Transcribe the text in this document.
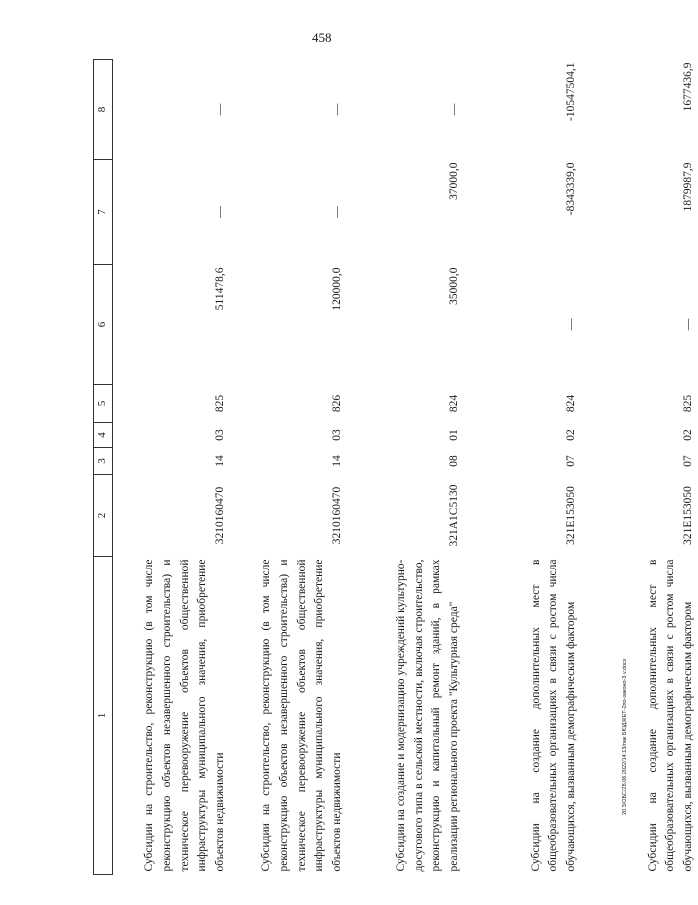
458
20.3/ОБС/28.06.2022/14:13/пак БЮДЖЕТ-2по-законо-3 v.docx
1	2	3	4	5	6	7	8
Субсидии на строительство, реконструкцию (в том числе реконструкцию объектов незавершенного строительства) и техническое перевооружение объектов общественной инфраструктуры муниципального значения, приобретение объектов недвижимости	3210160470	14	03	825	511478,6	—	—
Субсидии на строительство, реконструкцию (в том числе реконструкцию объектов незавершенного строительства) и техническое перевооружение объектов общественной инфраструктуры муниципального значения, приобретение объектов недвижимости	3210160470	14	03	826	120000,0	—	—
Субсидии на создание и модернизацию учреждений культурно-досугового типа в сельской местности, включая строительство, реконструкцию и капитальный ремонт зданий, в рамках реализации регионального проекта "Культурная среда"	321A1C5130	08	01	824	35000,0	37000,0	—
Субсидии на создание дополнительных мест в общеобразовательных организациях в связи с ростом числа обучающихся, вызванным демографическим фактором	321E153050	07	02	824	—	-8343339,0	-10547504,1
Субсидии на создание дополнительных мест в общеобразовательных организациях в связи с ростом числа обучающихся, вызванным демографическим фактором	321E153050	07	02	825	—	1879987,9	1677436,9
